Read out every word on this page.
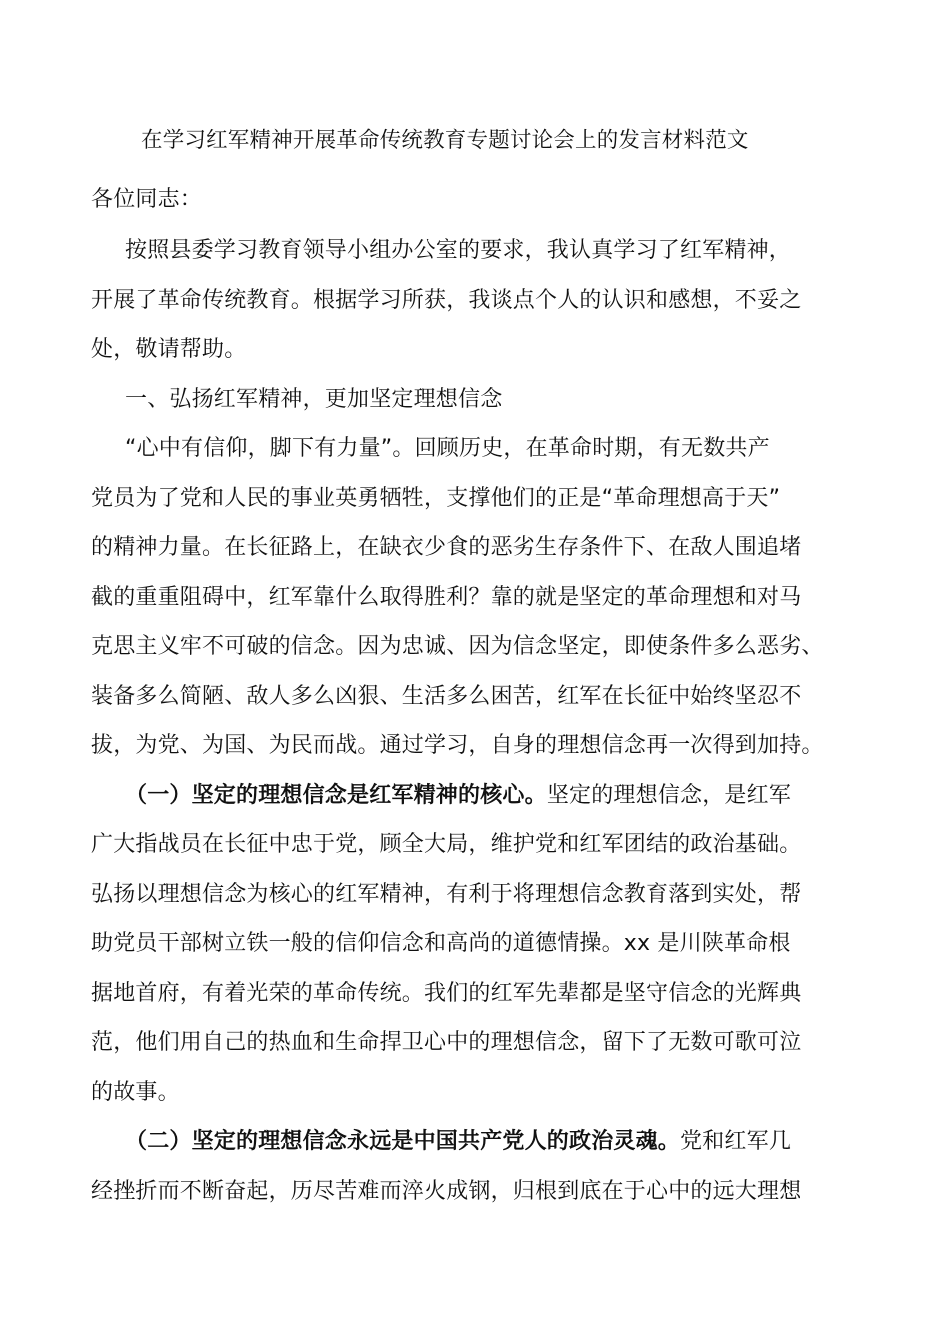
在学习红军精神开展革命传统教育专题讨论会上的发言材料范文
各位同志：
按照县委学习教育领导小组办公室的要求，我认真学习了红军精神，
开展了革命传统教育。根据学习所获，我谈点个人的认识和感想，不妥之
处，敬请帮助。
一、弘扬红军精神，更加坚定理想信念
“心中有信仰，脚下有力量”。回顾历史，在革命时期，有无数共产
党员为了党和人民的事业英勇牺牲，支撑他们的正是“革命理想高于天”
的精神力量。在长征路上，在缺衣少食的恶劣生存条件下、在敌人围追堵
截的重重阻碍中，红军靠什么取得胜利？靠的就是坚定的革命理想和对马
克思主义牢不可破的信念。因为忠诚、因为信念坚定，即使条件多么恶劣、
装备多么简陋、敌人多么凶狠、生活多么困苦，红军在长征中始终坚忍不
拔，为党、为国、为民而战。通过学习，自身的理想信念再一次得到加持。
（一）坚定的理想信念是红军精神的核心。坚定的理想信念，是红军
广大指战员在长征中忠于党，顾全大局，维护党和红军团结的政治基础。
弘扬以理想信念为核心的红军精神，有利于将理想信念教育落到实处，帮
助党员干部树立铁一般的信仰信念和高尚的道德情操。xx 是川陕革命根
据地首府，有着光荣的革命传统。我们的红军先辈都是坚守信念的光辉典
范，他们用自己的热血和生命捍卫心中的理想信念，留下了无数可歌可泣
的故事。
（二）坚定的理想信念永远是中国共产党人的政治灵魂。党和红军几
经挫折而不断奋起，历尽苦难而淬火成钢，归根到底在于心中的远大理想
